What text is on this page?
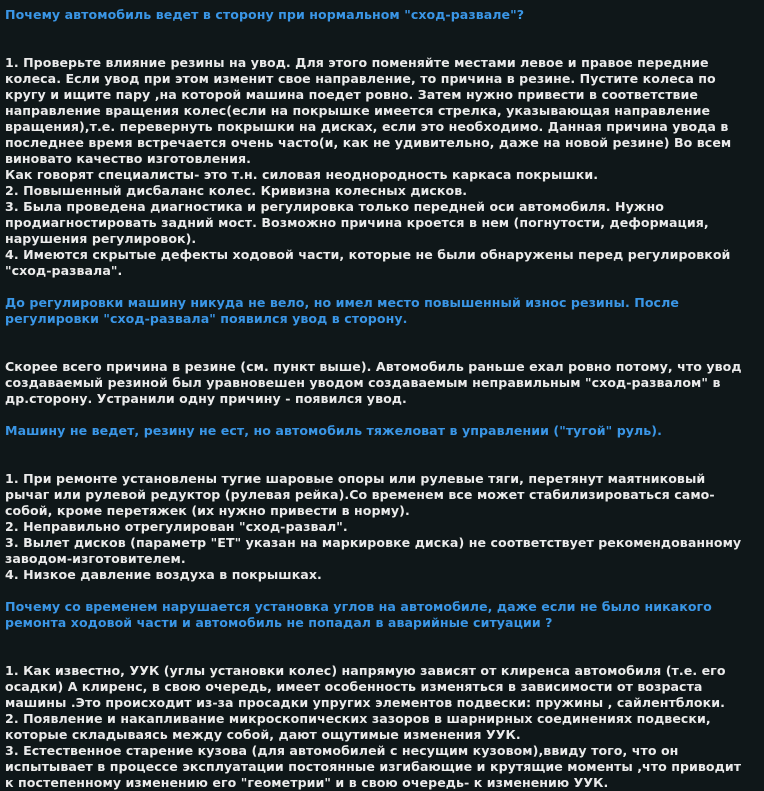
Почему автомобиль ведет в сторону при нормальном "сход-развале"?
1. Проверьте влияние резины на увод. Для этого поменяйте местами левое и правое передние
колеса. Если увод при этом изменит свое направление, то причина в резине. Пустите колеса по
кругу и ищите пару ,на которой машина поедет ровно. Затем нужно привести в соответствие
направление вращения колес(если на покрышке имеется стрелка, указывающая направление
вращения),т.е. перевернуть покрышки на дисках, если это необходимо. Данная причина увода в
последнее время встречается очень часто(и, как не удивительно, даже на новой резине) Во всем
виновато качество изготовления.
Как говорят специалисты- это т.н. силовая неоднородность каркаса покрышки.
2. Повышенный дисбаланс колес. Кривизна колесных дисков.
3. Была проведена диагностика и регулировка только передней оси автомобиля. Нужно
продиагностировать задний мост. Возможно причина кроется в нем (погнутости, деформация,
нарушения регулировок).
4. Имеются скрытые дефекты ходовой части, которые не были обнаружены перед регулировкой
"сход-развала".
До регулировки машину никуда не вело, но имел место повышенный износ резины. После
регулировки "сход-развала" появился увод в сторону.
Скорее всего причина в резине (см. пункт выше). Автомобиль раньше ехал ровно потому, что увод
создаваемый резиной был уравновешен уводом создаваемым неправильным "сход-развалом" в
др.сторону. Устранили одну причину - появился увод.
Машину не ведет, резину не ест, но автомобиль тяжеловат в управлении ("тугой" руль).
1. При ремонте установлены тугие шаровые опоры или рулевые тяги, перетянут маятниковый
рычаг или рулевой редуктор (рулевая рейка).Со временем все может стабилизироваться само-
собой, кроме перетяжек (их нужно привести в норму).
2. Неправильно отрегулирован "сход-развал".
3. Вылет дисков (параметр "ET" указан на маркировке диска) не соответствует рекомендованному
заводом-изготовителем.
4. Низкое давление воздуха в покрышках.
Почему со временем нарушается установка углов на автомобиле, даже если не было никакого
ремонта ходовой части и автомобиль не попадал в аварийные ситуации ?
1. Как известно, УУК (углы установки колес) напрямую зависят от клиренса автомобиля (т.е. его
осадки) А клиренс, в свою очередь, имеет особенность изменяться в зависимости от возраста
машины .Это происходит из-за просадки упругих элементов подвески: пружины , сайлентблоки.
2. Появление и накапливание микроскопических зазоров в шарнирных соединениях подвески,
которые складываясь между собой, дают ощутимые изменения УУК.
3. Естественное старение кузова (для автомобилей с несущим кузовом),ввиду того, что он
испытывает в процессе эксплуатации постоянные изгибающие и крутящие моменты ,что приводит
к постепенному изменению его "геометрии" и в свою очередь- к изменению УУК.
